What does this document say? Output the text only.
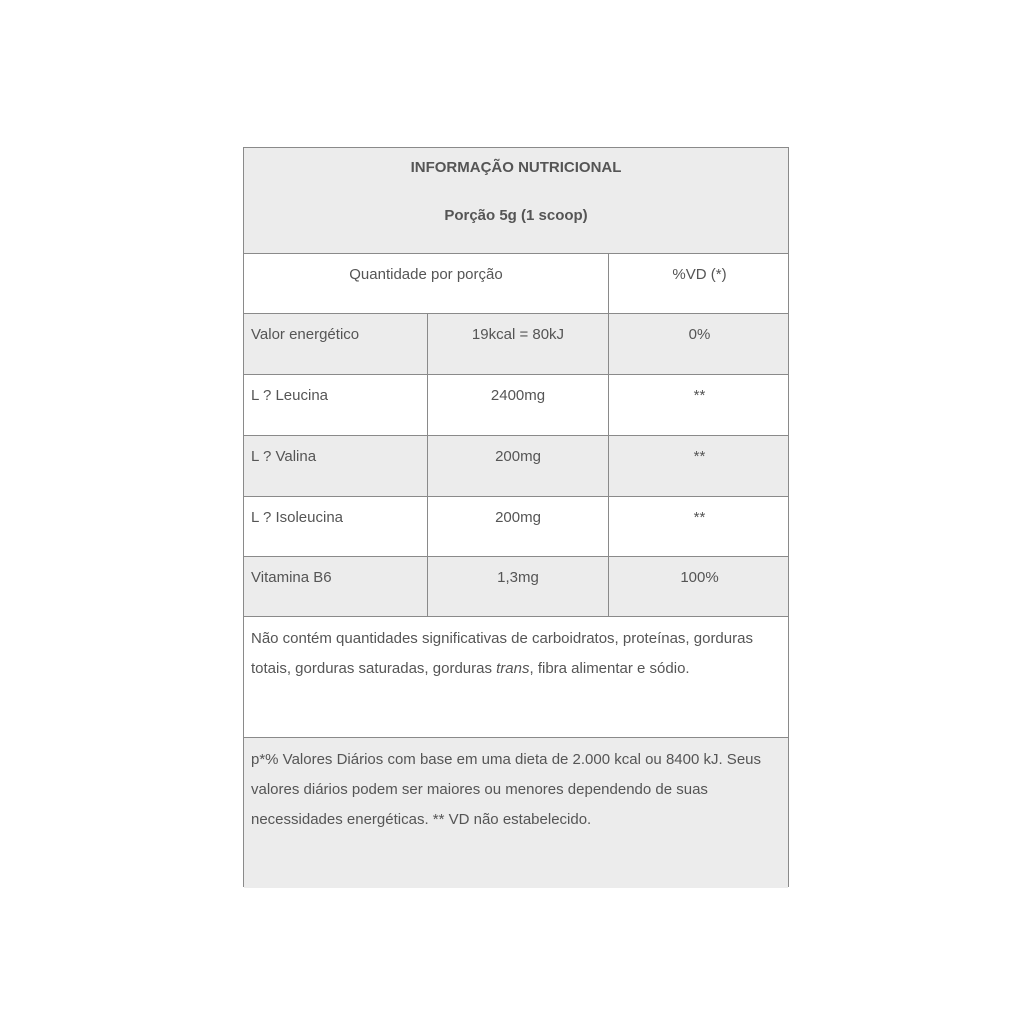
INFORMAÇÃO NUTRICIONAL
Porção 5g (1 scoop)
Quantidade por porção	%VD (*)
Valor energético	19kcal = 80kJ	0%
L ? Leucina	2400mg	**
L ? Valina	200mg	**
L ? Isoleucina	200mg	**
Vitamina B6	1,3mg	100%
Não contém quantidades significativas de carboidratos, proteínas, gorduras totais, gorduras saturadas, gorduras trans, fibra alimentar e sódio.
p*% Valores Diários com base em uma dieta de 2.000 kcal ou 8400 kJ. Seus valores diários podem ser maiores ou menores dependendo de suas necessidades energéticas. ** VD não estabelecido.
